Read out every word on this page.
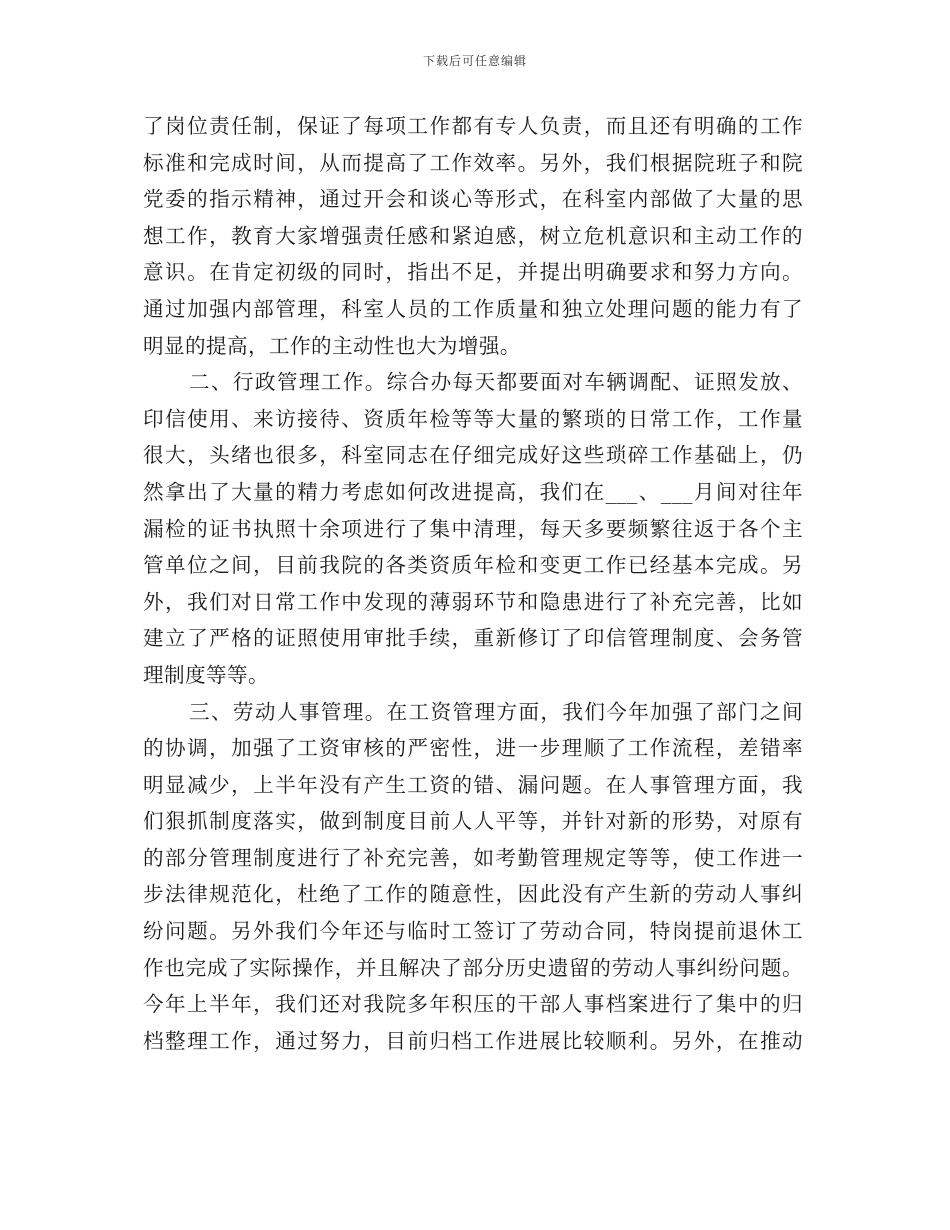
下载后可任意编辑
了岗位责任制，保证了每项工作都有专人负责，而且还有明确的工作
标准和完成时间，从而提高了工作效率。另外，我们根据院班子和院
党委的指示精神，通过开会和谈心等形式，在科室内部做了大量的思
想工作，教育大家增强责任感和紧迫感，树立危机意识和主动工作的
意识。在肯定初级的同时，指出不足，并提出明确要求和努力方向。
通过加强内部管理，科室人员的工作质量和独立处理问题的能力有了
明显的提高，工作的主动性也大为增强。
二、行政管理工作。综合办每天都要面对车辆调配、证照发放、
印信使用、来访接待、资质年检等等大量的繁琐的日常工作，工作量
很大，头绪也很多，科室同志在仔细完成好这些琐碎工作基础上，仍
然拿出了大量的精力考虑如何改进提高，我们在___、___月间对往年
漏检的证书执照十余项进行了集中清理，每天多要频繁往返于各个主
管单位之间，目前我院的各类资质年检和变更工作已经基本完成。另
外，我们对日常工作中发现的薄弱环节和隐患进行了补充完善，比如
建立了严格的证照使用审批手续，重新修订了印信管理制度、会务管
理制度等等。
三、劳动人事管理。在工资管理方面，我们今年加强了部门之间
的协调，加强了工资审核的严密性，进一步理顺了工作流程，差错率
明显减少，上半年没有产生工资的错、漏问题。在人事管理方面，我
们狠抓制度落实，做到制度目前人人平等，并针对新的形势，对原有
的部分管理制度进行了补充完善，如考勤管理规定等等，使工作进一
步法律规范化，杜绝了工作的随意性，因此没有产生新的劳动人事纠
纷问题。另外我们今年还与临时工签订了劳动合同，特岗提前退休工
作也完成了实际操作，并且解决了部分历史遗留的劳动人事纠纷问题。
今年上半年，我们还对我院多年积压的干部人事档案进行了集中的归
档整理工作，通过努力，目前归档工作进展比较顺利。另外，在推动
